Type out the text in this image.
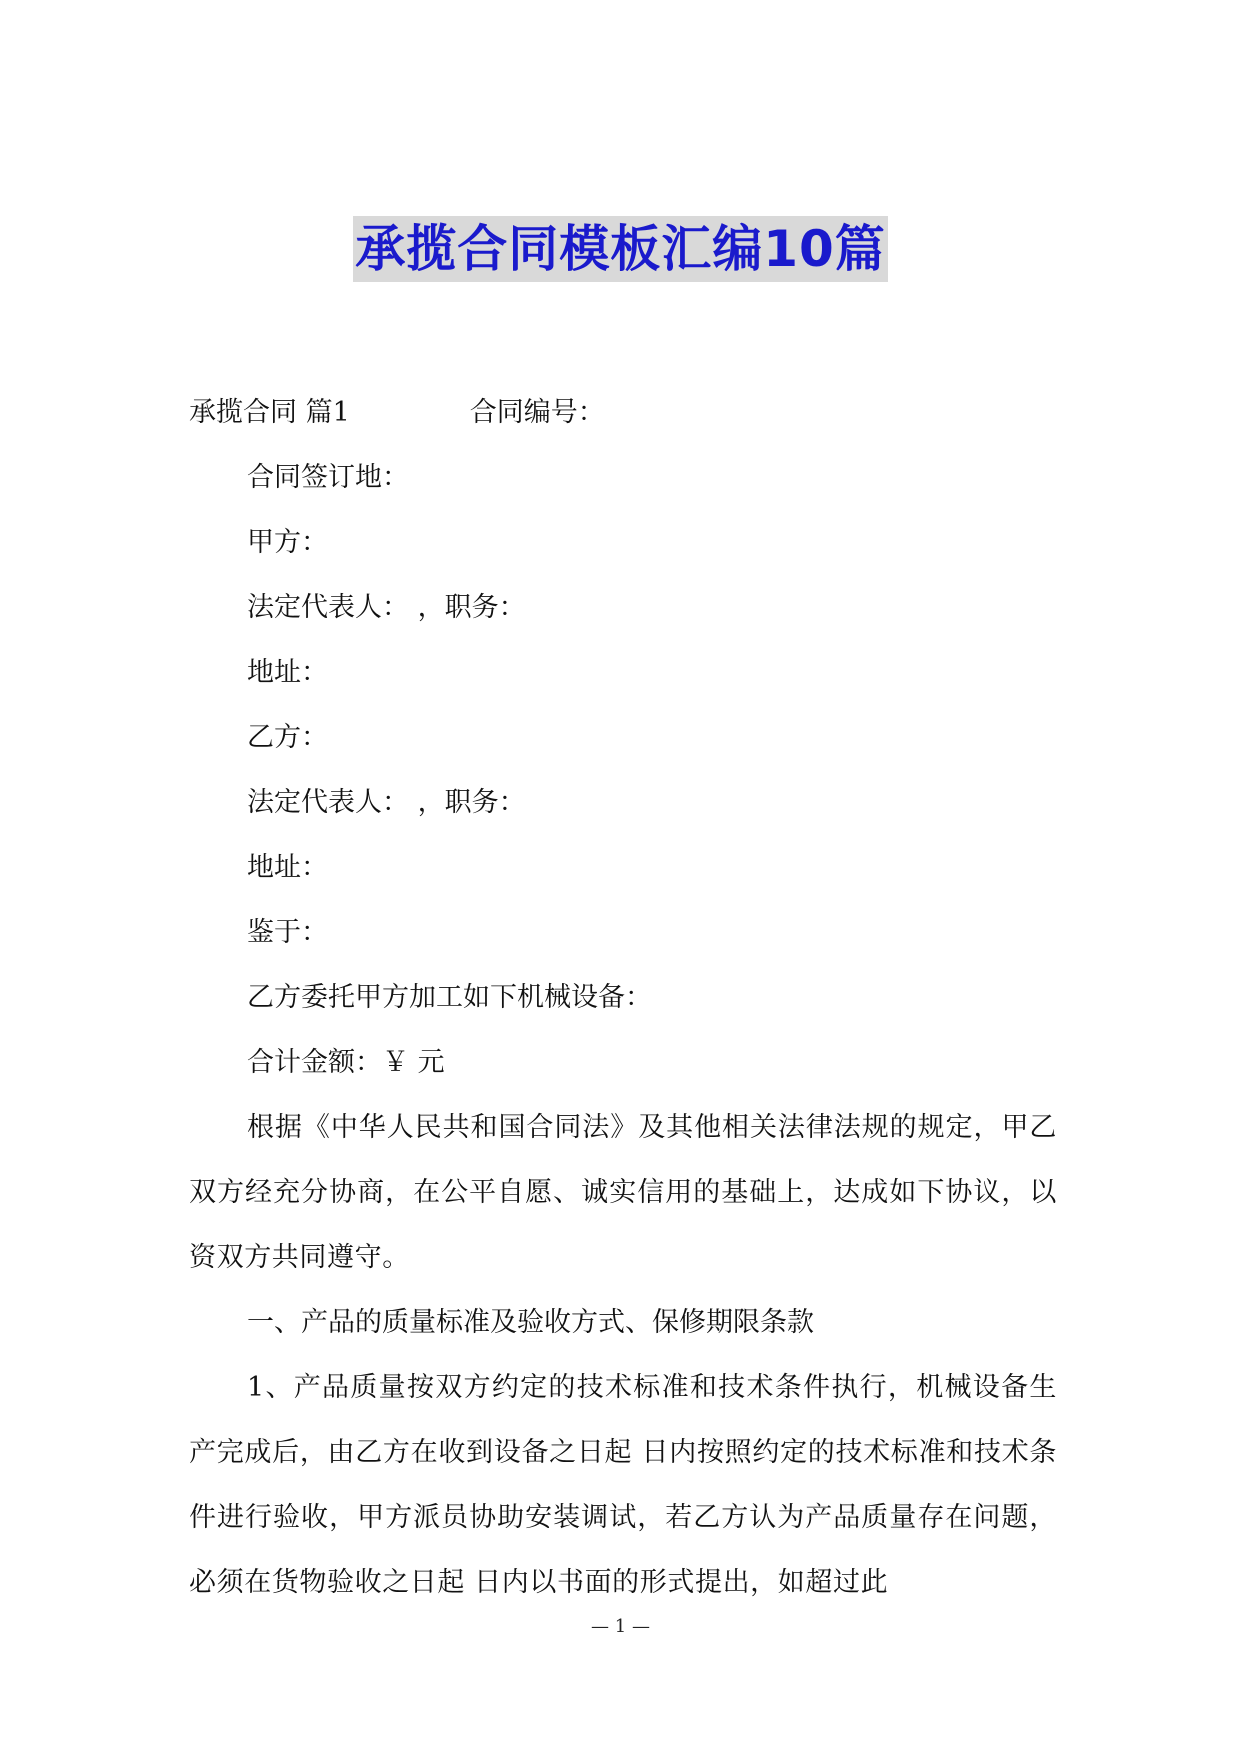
承揽合同模板汇编10篇
承揽合同 篇1	合同编号：
合同签订地：
甲方：
法定代表人： ，职务：
地址：
乙方：
法定代表人： ，职务：
地址：
鉴于：
乙方委托甲方加工如下机械设备：
合计金额：￥ 元
根据《中华人民共和国合同法》及其他相关法律法规的规定，甲乙双方经充分协商，在公平自愿、诚实信用的基础上，达成如下协议，以资双方共同遵守。
一、产品的质量标准及验收方式、保修期限条款
1、产品质量按双方约定的技术标准和技术条件执行，机械设备生产完成后，由乙方在收到设备之日起 日内按照约定的技术标准和技术条件进行验收，甲方派员协助安装调试，若乙方认为产品质量存在问题，必须在货物验收之日起 日内以书面的形式提出，如超过此
— 1 —
